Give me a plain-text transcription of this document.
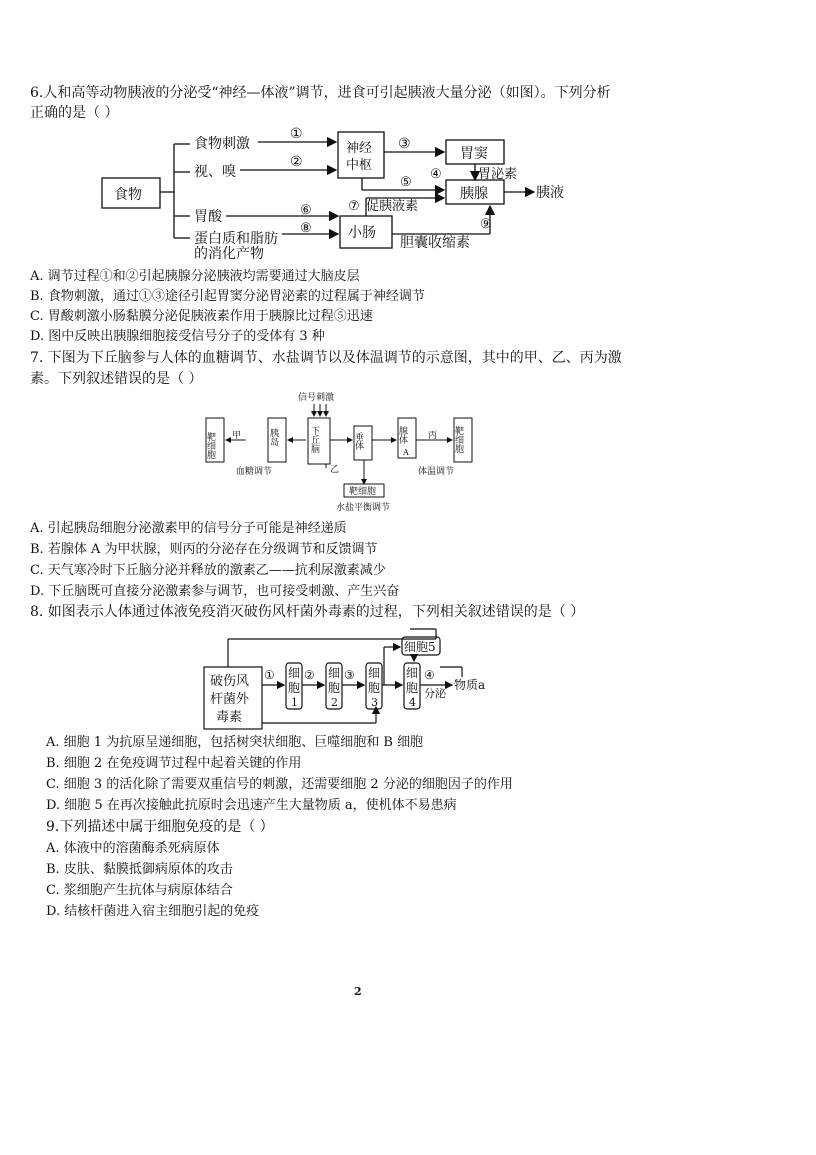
6.人和高等动物胰液的分泌受“神经—体液”调节，进食可引起胰液大量分泌（如图）。下列分析
正确的是（ ）
食物
食物刺激
视、嗅
胃酸
蛋白质和脂肪
的消化产物
①
②
神经
中枢
③
胃窦
④	胃泌素
⑤
胰腺	胰液
⑥
⑧	小肠
⑦ 促胰液素
⑨
胆囊收缩素
A. 调节过程①和②引起胰腺分泌胰液均需要通过大脑皮层
B. 食物刺激，通过①③途径引起胃窦分泌胃泌素的过程属于神经调节
C. 胃酸刺激小肠黏膜分泌促胰液素作用于胰腺比过程⑤迅速
D. 图中反映出胰腺细胞接受信号分子的受体有 3 种
7. 下图为下丘脑参与人体的血糖调节、水盐调节以及体温调节的示意图，其中的甲、乙、丙为激
素。下列叙述错误的是（ ）
信号刺激
靶细胞 甲	胰岛	下丘脑
乙
垂体
靶细胞
水盐平衡调节
腺体
A
丙 靶细胞
血糖调节	体温调节
A. 引起胰岛细胞分泌激素甲的信号分子可能是神经递质
B. 若腺体 A 为甲状腺，则丙的分泌存在分级调节和反馈调节
C. 天气寒冷时下丘脑分泌并释放的激素乙——抗利尿激素减少
D. 下丘脑既可直接分泌激素参与调节，也可接受刺激、产生兴奋
8. 如图表示人体通过体液免疫消灭破伤风杆菌外毒素的过程，下列相关叙述错误的是（ ）
破伤风
杆菌外
毒素
① 细
胞
1
② 细
胞
2
③ 细
胞
3
细胞5
细
胞
4
④
分泌
物质a
A. 细胞 1 为抗原呈递细胞，包括树突状细胞、巨噬细胞和 B 细胞
B. 细胞 2 在免疫调节过程中起着关键的作用
C. 细胞 3 的活化除了需要双重信号的刺激，还需要细胞 2 分泌的细胞因子的作用
D. 细胞 5 在再次接触此抗原时会迅速产生大量物质 a，使机体不易患病
9.下列描述中属于细胞免疫的是（ ）
A. 体液中的溶菌酶杀死病原体
B. 皮肤、黏膜抵御病原体的攻击
C. 浆细胞产生抗体与病原体结合
D. 结核杆菌进入宿主细胞引起的免疫
2
